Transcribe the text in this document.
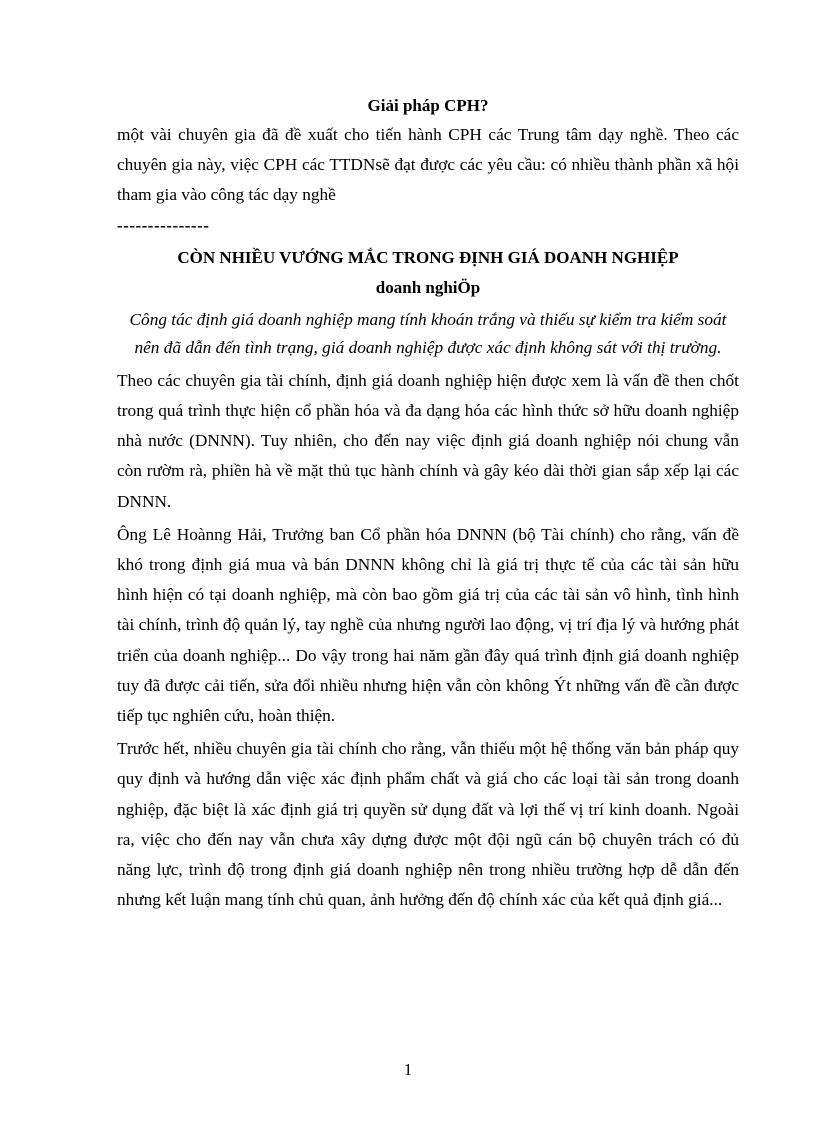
Giải pháp CPH?

một vài chuyên gia đã đề xuất cho tiến hành CPH các Trung tâm dạy nghề. Theo các chuyên gia này, việc CPH các TTDNsẽ đạt được các yêu cầu: có nhiều thành phần xã hội tham gia vào công tác dạy nghề

---------------

CÒN NHIỀU VƯỚNG MẮC TRONG ĐỊNH GIÁ DOANH NGHIỆP
doanh nghiÖp

Công tác định giá doanh nghiệp mang tính khoán trắng và thiếu sự kiểm tra kiểm soát nên đã dẫn đến tình trạng, giá doanh nghiệp được xác định không sát với thị trường.

Theo các chuyên gia tài chính, định giá doanh nghiệp hiện được xem là vấn đề then chốt trong quá trình thực hiện cổ phần hóa và đa dạng hóa các hình thức sở hữu doanh nghiệp nhà nước (DNNN). Tuy nhiên, cho đến nay việc định giá doanh nghiệp nói chung vẫn còn rườm rà, phiền hà về mặt thủ tục hành chính và gây kéo dài thời gian sắp xếp lại các DNNN.

Ông Lê Hoànng Hải, Trưởng ban Cổ phần hóa DNNN (bộ Tài chính) cho rằng, vấn đề khó trong định giá mua và bán DNNN không chỉ là giá trị thực tế của các tài sản hữu hình hiện có tại doanh nghiệp, mà còn bao gồm giá trị của các tài sản vô hình, tình hình tài chính, trình độ quản lý, tay nghề của nhưng người lao động, vị trí địa lý và hướng phát triển của doanh nghiệp... Do vậy trong hai năm gần đây quá trình định giá doanh nghiệp tuy đã được cải tiến, sửa đổi nhiều nhưng hiện vẫn còn không Ýt những vấn đề cần được tiếp tục nghiên cứu, hoàn thiện.

Trước hết, nhiều chuyên gia tài chính cho rằng, vẫn thiếu một hệ thống văn bản pháp quy quy định và hướng dẫn việc xác định phẩm chất và giá cho các loại tài sản trong doanh nghiệp, đặc biệt là xác định giá trị quyền sử dụng đất và lợi thế vị trí kinh doanh. Ngoài ra, việc cho đến nay vẫn chưa xây dựng được một đội ngũ cán bộ chuyên trách có đủ năng lực, trình độ trong định giá doanh nghiệp nên trong nhiều trường hợp dễ dẫn đến nhưng kết luận mang tính chủ quan, ảnh hưởng đến độ chính xác của kết quả định giá...

1
